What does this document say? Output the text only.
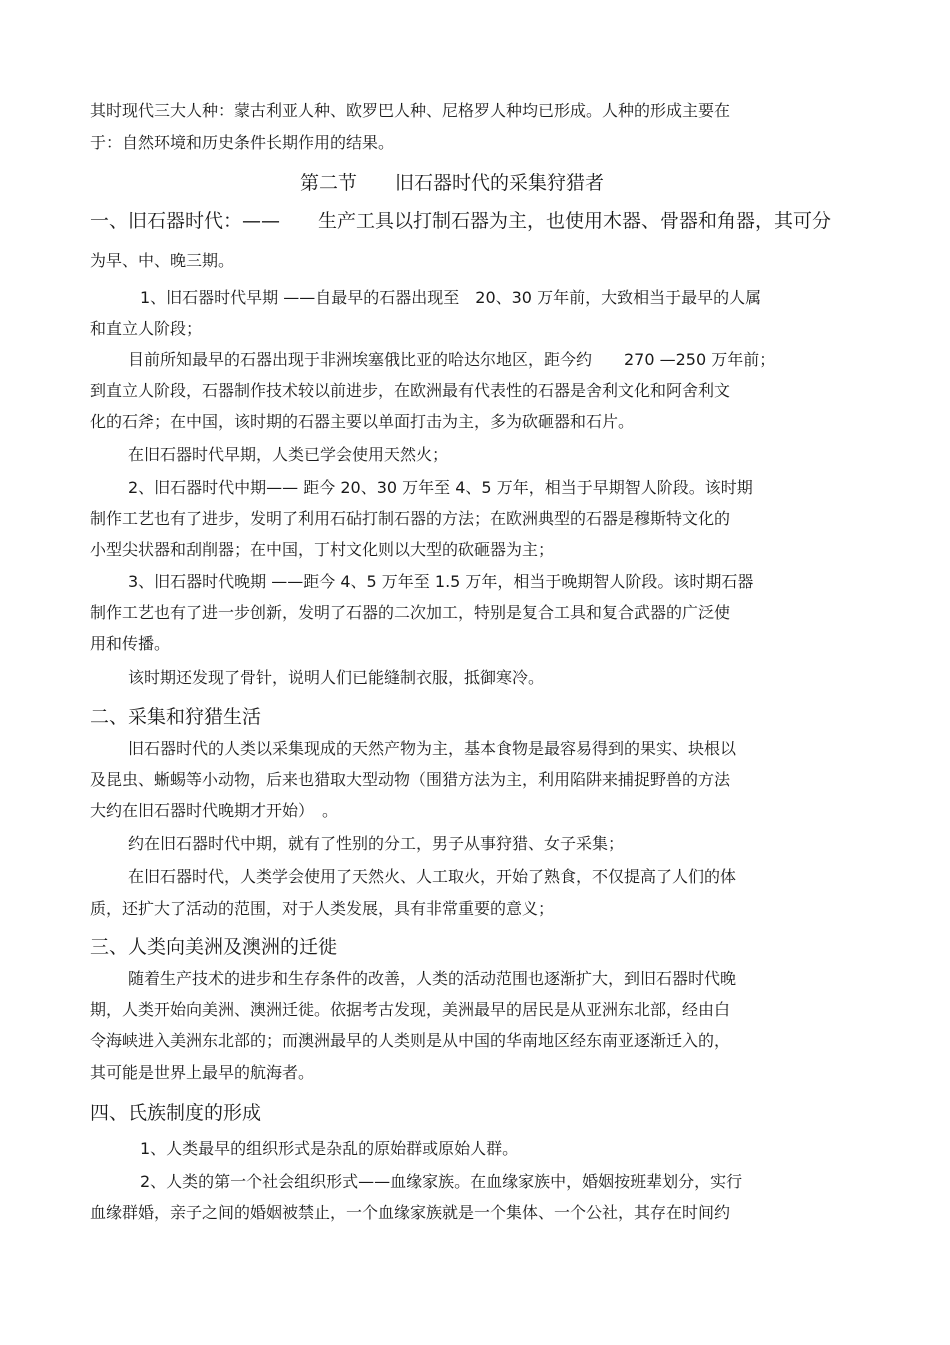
其时现代三大人种：蒙古利亚人种、欧罗巴人种、尼格罗人种均已形成。人种的形成主要在
于：自然环境和历史条件长期作用的结果。
第二节　　旧石器时代的采集狩猎者
一、旧石器时代：——　　生产工具以打制石器为主，也使用木器、骨器和角器，其可分
为早、中、晚三期。
1、旧石器时代早期 ——自最早的石器出现至　20、30 万年前，大致相当于最早的人属
和直立人阶段；
目前所知最早的石器出现于非洲埃塞俄比亚的哈达尔地区，距今约　　270 —250 万年前；
到直立人阶段，石器制作技术较以前进步，在欧洲最有代表性的石器是舍利文化和阿舍利文
化的石斧；在中国，该时期的石器主要以单面打击为主，多为砍砸器和石片。
在旧石器时代早期，人类已学会使用天然火；
2、旧石器时代中期—— 距今 20、30 万年至 4、5 万年，相当于早期智人阶段。该时期
制作工艺也有了进步，发明了利用石砧打制石器的方法；在欧洲典型的石器是穆斯特文化的
小型尖状器和刮削器；在中国，丁村文化则以大型的砍砸器为主；
3、旧石器时代晚期 ——距今 4、5 万年至 1.5 万年，相当于晚期智人阶段。该时期石器
制作工艺也有了进一步创新，发明了石器的二次加工，特别是复合工具和复合武器的广泛使
用和传播。
该时期还发现了骨针，说明人们已能缝制衣服，抵御寒冷。
二、采集和狩猎生活
旧石器时代的人类以采集现成的天然产物为主，基本食物是最容易得到的果实、块根以
及昆虫、蜥蜴等小动物，后来也猎取大型动物（围猎方法为主，利用陷阱来捕捉野兽的方法
大约在旧石器时代晚期才开始）　。
约在旧石器时代中期，就有了性别的分工，男子从事狩猎、女子采集；
在旧石器时代，人类学会使用了天然火、人工取火，开始了熟食，不仅提高了人们的体
质，还扩大了活动的范围，对于人类发展，具有非常重要的意义；
三、人类向美洲及澳洲的迁徙
随着生产技术的进步和生存条件的改善，人类的活动范围也逐渐扩大，到旧石器时代晚
期，人类开始向美洲、澳洲迁徙。依据考古发现，美洲最早的居民是从亚洲东北部，经由白
令海峡进入美洲东北部的；而澳洲最早的人类则是从中国的华南地区经东南亚逐渐迁入的，
其可能是世界上最早的航海者。
四、氏族制度的形成
1、人类最早的组织形式是杂乱的原始群或原始人群。
2、人类的第一个社会组织形式——血缘家族。在血缘家族中，婚姻按班辈划分，实行
血缘群婚，亲子之间的婚姻被禁止，一个血缘家族就是一个集体、一个公社，其存在时间约
